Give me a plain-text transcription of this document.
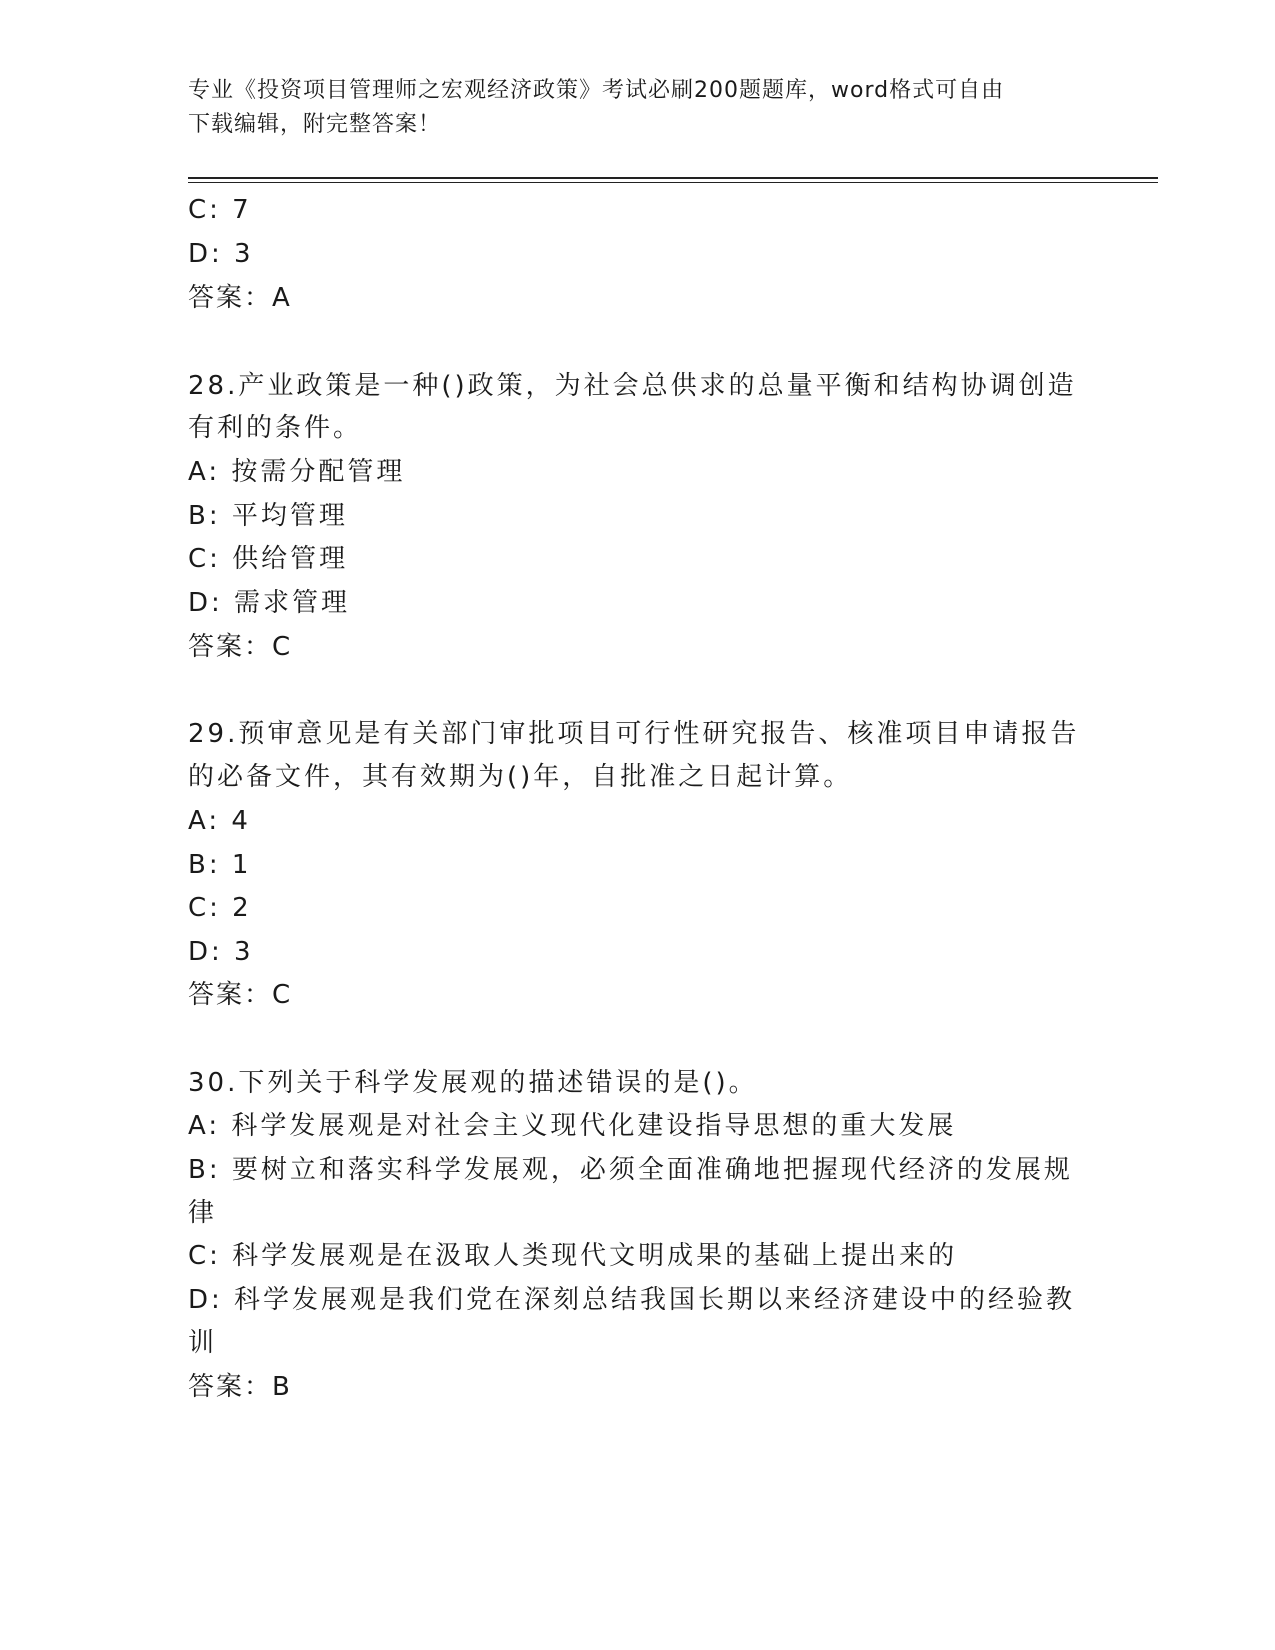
专业《投资项目管理师之宏观经济政策》考试必刷200题题库，word格式可自由
下载编辑，附完整答案！
C: 7
D: 3
答案：A
28.产业政策是一种()政策，为社会总供求的总量平衡和结构协调创造
有利的条件。
A: 按需分配管理
B: 平均管理
C: 供给管理
D: 需求管理
答案：C
29.预审意见是有关部门审批项目可行性研究报告、核准项目申请报告
的必备文件，其有效期为()年，自批准之日起计算。
A: 4
B: 1
C: 2
D: 3
答案：C
30.下列关于科学发展观的描述错误的是()。
A: 科学发展观是对社会主义现代化建设指导思想的重大发展
B: 要树立和落实科学发展观，必须全面准确地把握现代经济的发展规
律
C: 科学发展观是在汲取人类现代文明成果的基础上提出来的
D: 科学发展观是我们党在深刻总结我国长期以来经济建设中的经验教
训
答案：B
